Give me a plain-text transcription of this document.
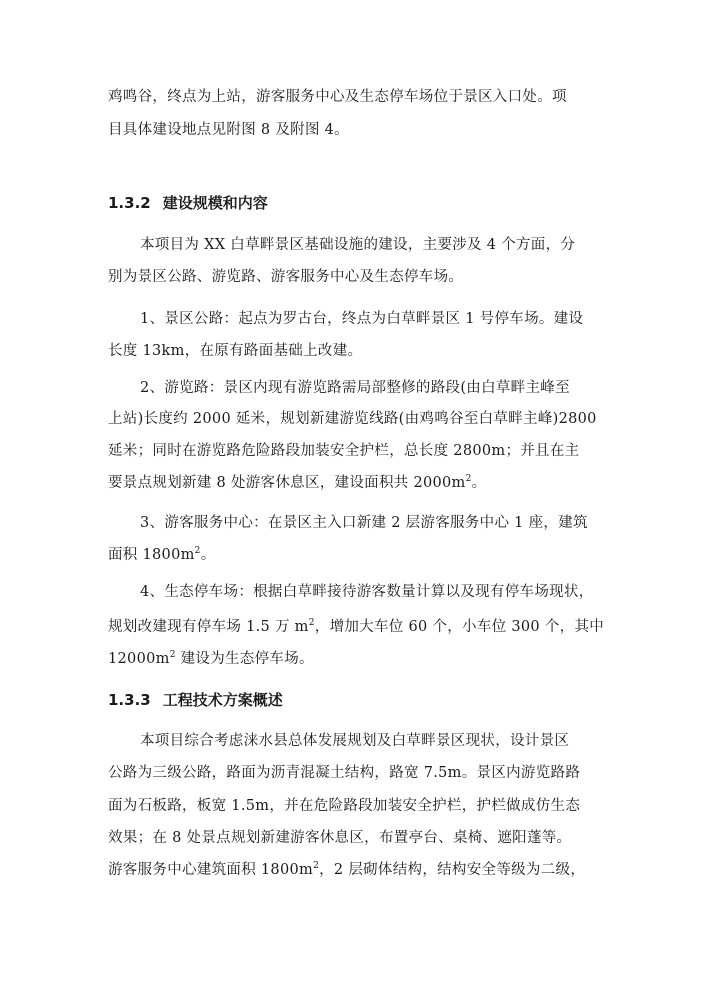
鸡鸣谷，终点为上站，游客服务中心及生态停车场位于景区入口处。项
目具体建设地点见附图 8 及附图 4。
1.3.2 建设规模和内容
本项目为 XX 白草畔景区基础设施的建设，主要涉及 4 个方面，分
别为景区公路、游览路、游客服务中心及生态停车场。
1、景区公路：起点为罗古台，终点为白草畔景区 1 号停车场。建设
长度 13km，在原有路面基础上改建。
2、游览路：景区内现有游览路需局部整修的路段(由白草畔主峰至
上站)长度约 2000 延米，规划新建游览线路(由鸡鸣谷至白草畔主峰)2800
延米；同时在游览路危险路段加装安全护栏，总长度 2800m；并且在主
要景点规划新建 8 处游客休息区，建设面积共 $2000m^2$。
3、游客服务中心：在景区主入口新建 2 层游客服务中心 1 座，建筑
面积 $1800m^2$。
4、生态停车场：根据白草畔接待游客数量计算以及现有停车场现状，
规划改建现有停车场 1.5 万 $m^2$，增加大车位 60 个，小车位 300 个，其中
$12000m^2$ 建设为生态停车场。
1.3.3 工程技术方案概述
本项目综合考虑涞水县总体发展规划及白草畔景区现状，设计景区
公路为三级公路，路面为沥青混凝土结构，路宽 7.5m。景区内游览路路
面为石板路，板宽 1.5m，并在危险路段加装安全护栏，护栏做成仿生态
效果；在 8 处景点规划新建游客休息区，布置亭台、桌椅、遮阳蓬等。
游客服务中心建筑面积 $1800m^2$，2 层砌体结构，结构安全等级为二级，
